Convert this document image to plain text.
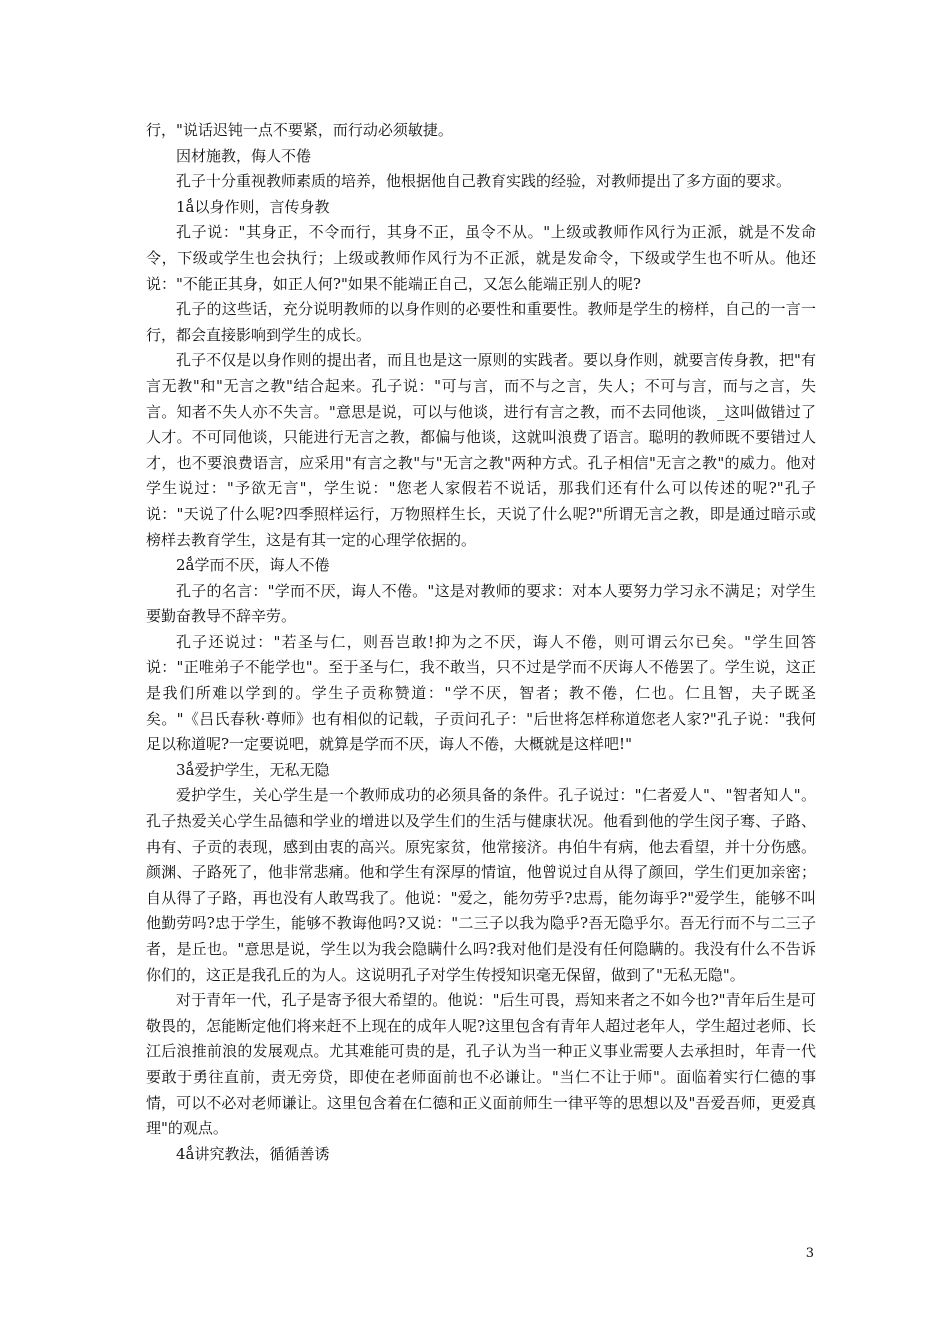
行，"说话迟钝一点不要紧，而行动必须敏捷。

因材施教，侮人不倦

孔子十分重视教师素质的培养，他根据他自己教育实践的经验，对教师提出了多方面的要求。

1ǻ以身作则，言传身教

孔子说："其身正，不令而行，其身不正，虽令不从。"上级或教师作风行为正派，就是不发命令，下级或学生也会执行；上级或教师作风行为不正派，就是发命令，下级或学生也不听从。他还说："不能正其身，如正人何?"如果不能端正自己，又怎么能端正别人的呢?

孔子的这些话，充分说明教师的以身作则的必要性和重要性。教师是学生的榜样，自己的一言一行，都会直接影响到学生的成长。

孔子不仅是以身作则的提出者，而且也是这一原则的实践者。要以身作则，就要言传身教，把"有言无教"和"无言之教"结合起来。孔子说："可与言，而不与之言，失人；不可与言，而与之言，失言。知者不失人亦不失言。"意思是说，可以与他谈，进行有言之教，而不去同他谈，_这叫做错过了人才。不可同他谈，只能进行无言之教，都偏与他谈，这就叫浪费了语言。聪明的教师既不要错过人才，也不要浪费语言，应采用"有言之教"与"无言之教"两种方式。孔子相信"无言之教"的威力。他对学生说过："予欲无言"，学生说："您老人家假若不说话，那我们还有什么可以传述的呢?"孔子说："天说了什么呢?四季照样运行，万物照样生长，天说了什么呢?"所谓无言之教，即是通过暗示或榜样去教育学生，这是有其一定的心理学依据的。

2ǻ学而不厌，诲人不倦

孔子的名言："学而不厌，诲人不倦。"这是对教师的要求：对本人要努力学习永不满足；对学生要勤奋教导不辞辛劳。

孔子还说过："若圣与仁，则吾岂敢!抑为之不厌，诲人不倦，则可谓云尔已矣。"学生回答说："正唯弟子不能学也"。至于圣与仁，我不敢当，只不过是学而不厌诲人不倦罢了。学生说，这正是我们所难以学到的。学生子贡称赞道："学不厌，智者；教不倦，仁也。仁且智，夫子既圣矣。"《吕氏春秋·尊师》也有相似的记载，子贡问孔子："后世将怎样称道您老人家?"孔子说："我何足以称道呢?一定要说吧，就算是学而不厌，诲人不倦，大概就是这样吧!"

3ǻ爱护学生，无私无隐

爱护学生，关心学生是一个教师成功的必须具备的条件。孔子说过："仁者爱人"、"智者知人"。孔子热爱关心学生品德和学业的增进以及学生们的生活与健康状况。他看到他的学生闵子骞、子路、冉有、子贡的表现，感到由衷的高兴。原宪家贫，他常接济。冉伯牛有病，他去看望，并十分伤感。颜渊、子路死了，他非常悲痛。他和学生有深厚的情谊，他曾说过自从得了颜回，学生们更加亲密；自从得了子路，再也没有人敢骂我了。他说："爱之，能勿劳乎?忠焉，能勿诲乎?"爱学生，能够不叫他勤劳吗?忠于学生，能够不教诲他吗?又说："二三子以我为隐乎?吾无隐乎尔。吾无行而不与二三子者，是丘也。"意思是说，学生以为我会隐瞒什么吗?我对他们是没有任何隐瞒的。我没有什么不告诉你们的，这正是我孔丘的为人。这说明孔子对学生传授知识毫无保留，做到了"无私无隐"。

对于青年一代，孔子是寄予很大希望的。他说："后生可畏，焉知来者之不如今也?"青年后生是可敬畏的，怎能断定他们将来赶不上现在的成年人呢?这里包含有青年人超过老年人，学生超过老师、长江后浪推前浪的发展观点。尤其难能可贵的是，孔子认为当一种正义事业需要人去承担时，年青一代要敢于勇往直前，责无旁贷，即使在老师面前也不必谦让。"当仁不让于师"。面临着实行仁德的事情，可以不必对老师谦让。这里包含着在仁德和正义面前师生一律平等的思想以及"吾爱吾师，更爱真理"的观点。

4ǻ讲究教法，循循善诱

3
